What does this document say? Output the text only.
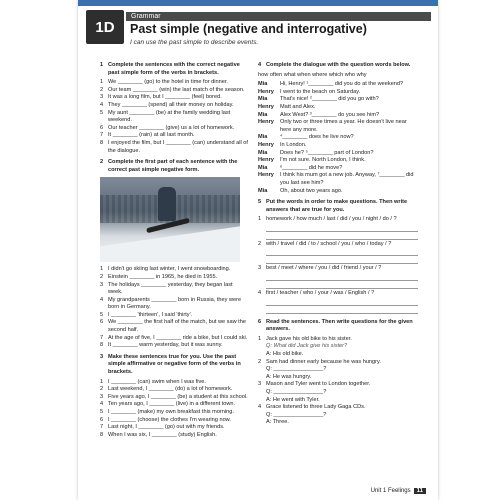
1D
Grammar
Past simple (negative and interrogative)
I can use the past simple to describe events.
1 Complete the sentences with the correct negative past simple form of the verbs in brackets.
1 We ________ (go) to the hotel in time for dinner.
2 Our team ________ (win) the last match of the season.
3 It was a long film, but I ________ (feel) bored.
4 They ________ (spend) all their money on holiday.
5 My aunt ________ (be) at the family wedding last weekend.
6 Our teacher ________ (give) us a lot of homework.
7 It ________ (rain) at all last month.
8 I enjoyed the film, but I ________ (can) understand all of the dialogue.
2 Complete the first part of each sentence with the correct past simple negative form.
1 I didn't go skiing last winter, I went snowboarding.
2 Einstein ________ in 1965, he died in 1955.
3 The holidays ________ yesterday, they began last week.
4 My grandparents ________ born in Russia, they were born in Germany.
5 I ________ 'thirteen', I said 'thirty'.
6 We ________ the first half of the match, but we saw the second half.
7 At the age of five, I ________ ride a bike, but I could ski.
8 It ________ warm yesterday, but it was sunny.
3 Make these sentences true for you. Use the past simple affirmative or negative form of the verbs in brackets.
1 I ________ (can) swim when I was five.
2 Last weekend, I ________ (do) a lot of homework.
3 Five years ago, I ________ (be) a student at this school.
4 Ten years ago, I ________ (live) in a different town.
5 I ________ (make) my own breakfast this morning.
6 I ________ (choose) the clothes I'm wearing now.
7 Last night, I ________ (go) out with my friends.
8 When I was six, I ________ (study) English.
4 Complete the dialogue with the question words below.
how often what when where which who why
Mia	Hi, Henry! ¹________ did you do at the weekend?
Henry	I went to the beach on Saturday.
Mia	That's nice! ²________ did you go with?
Henry	Matt and Alex.
Mia	Alex West? ³________ do you see him?
Henry	Only two or three times a year. He doesn't live near here any more.
Mia	⁴________ does he live now?
Henry	In London.
Mia	Does he? ⁵________ part of London?
Henry	I'm not sure. North London, I think.
Mia	⁶________ did he move?
Henry	I think his mum got a new job. Anyway, ⁷________ did you last see him?
Mia	Oh, about two years ago.
5 Put the words in order to make questions. Then write answers that are true for you.
1 homework / how much / last / did / you / night / do / ?
2 with / travel / did / to / school / you / who / today / ?
3 best / meet / where / you / did / friend / your / ?
4 first / teacher / who / your / was / English / ?
6 Read the sentences. Then write questions for the given answers.
1 Jack gave his old bike to his sister.
Q: What did Jack give his sister?
A: His old bike.
2 Sam had dinner early because he was hungry.
Q: ________________?
A: He was hungry.
3 Mason and Tyler went to London together.
Q: ________________?
A: He went with Tyler.
4 Grace listened to three Lady Gaga CDs.
Q: ________________?
A: Three.
Unit 1 Feelings	11
